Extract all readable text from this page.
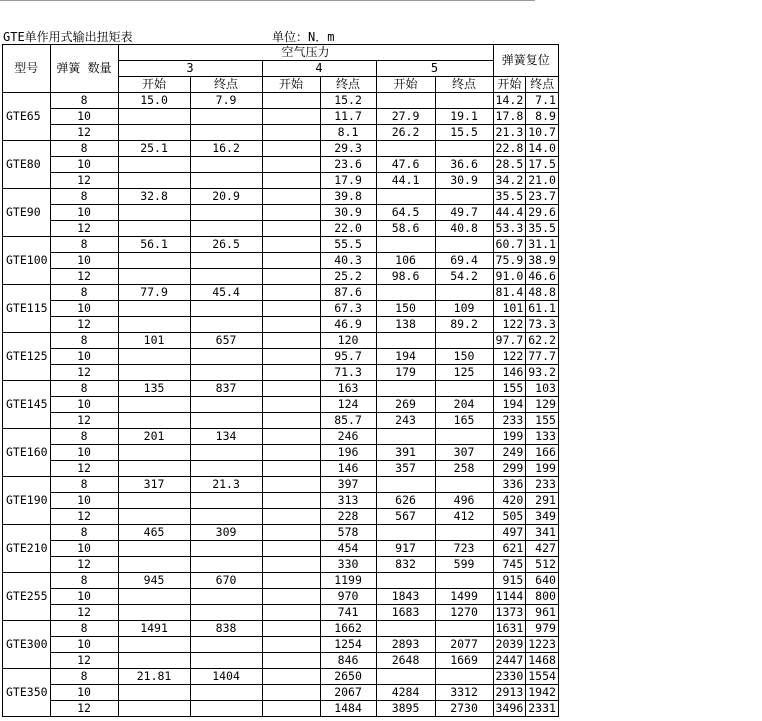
GTE单作用式输出扭矩表	单位：N．m
型号	弹簧 数量	空气压力						弹簧复位	
		3		4		5			
		开始	终点	开始	终点	开始	终点	开始	终点
GTE65	8	15.0	7.9		15.2			14.2	7.1
	10				11.7	27.9	19.1	17.8	8.9
	12				8.1	26.2	15.5	21.3	10.7
GTE80	8	25.1	16.2		29.3			22.8	14.0
	10				23.6	47.6	36.6	28.5	17.5
	12				17.9	44.1	30.9	34.2	21.0
GTE90	8	32.8	20.9		39.8			35.5	23.7
	10				30.9	64.5	49.7	44.4	29.6
	12				22.0	58.6	40.8	53.3	35.5
GTE100	8	56.1	26.5		55.5			60.7	31.1
	10				40.3	106	69.4	75.9	38.9
	12				25.2	98.6	54.2	91.0	46.6
GTE115	8	77.9	45.4		87.6			81.4	48.8
	10				67.3	150	109	101	61.1
	12				46.9	138	89.2	122	73.3
GTE125	8	101	657		120			97.7	62.2
	10				95.7	194	150	122	77.7
	12				71.3	179	125	146	93.2
GTE145	8	135	837		163			155	103
	10				124	269	204	194	129
	12				85.7	243	165	233	155
GTE160	8	201	134		246			199	133
	10				196	391	307	249	166
	12				146	357	258	299	199
GTE190	8	317	21.3		397			336	233
	10				313	626	496	420	291
	12				228	567	412	505	349
GTE210	8	465	309		578			497	341
	10				454	917	723	621	427
	12				330	832	599	745	512
GTE255	8	945	670		1199			915	640
	10				970	1843	1499	1144	800
	12				741	1683	1270	1373	961
GTE300	8	1491	838		1662			1631	979
	10				1254	2893	2077	2039	1223
	12				846	2648	1669	2447	1468
GTE350	8	21.81	1404		2650			2330	1554
	10				2067	4284	3312	2913	1942
	12				1484	3895	2730	3496	2331
